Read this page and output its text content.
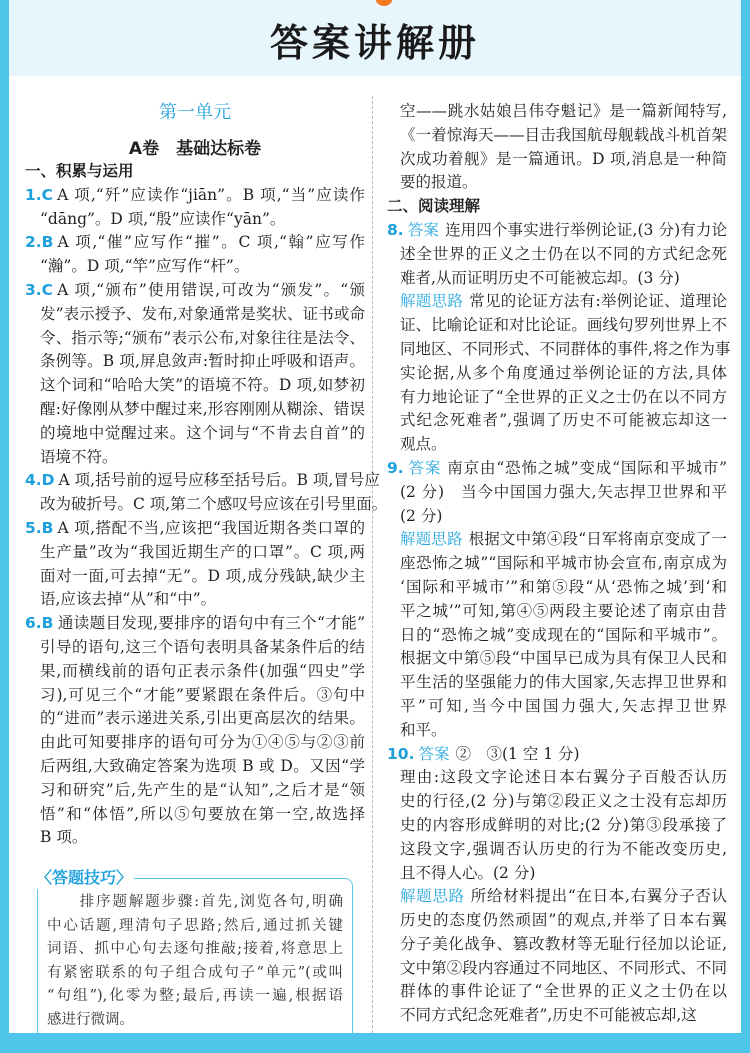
答案讲解册
第一单元
A卷　基础达标卷
一、积累与运用
1.C A 项,“歼”应读作“jiān”。B 项,“当”应读作
“dāng”。D 项,“殷”应读作“yān”。
2.B A 项,“催”应写作“摧”。C 项,“翰”应写作
“瀚”。D 项,“竿”应写作“杆”。
3.C A 项,“颁布”使用错误,可改为“颁发”。“颁
发”表示授予、发布,对象通常是奖状、证书或命
令、指示等;“颁布”表示公布,对象往往是法令、
条例等。B 项,屏息敛声:暂时抑止呼吸和语声。
这个词和“哈哈大笑”的语境不符。D 项,如梦初
醒:好像刚从梦中醒过来,形容刚刚从糊涂、错误
的境地中觉醒过来。这个词与“不肯去自首”的
语境不符。
4.D A 项,括号前的逗号应移至括号后。B 项,冒号应
改为破折号。C 项,第二个感叹号应该在引号里面。
5.B A 项,搭配不当,应该把“我国近期各类口罩的
生产量”改为“我国近期生产的口罩”。C 项,两
面对一面,可去掉“无”。D 项,成分残缺,缺少主
语,应该去掉“从”和“中”。
6.B 通读题目发现,要排序的语句中有三个“才能”
引导的语句,这三个语句表明具备某条件后的结
果,而横线前的语句正表示条件(加强“四史”学
习),可见三个“才能”要紧跟在条件后。③句中
的“进而”表示递进关系,引出更高层次的结果。
由此可知要排序的语句可分为①④⑤与②③前
后两组,大致确定答案为选项 B 或 D。又因“学
习和研究”后,先产生的是“认知”,之后才是“领
悟”和“体悟”,所以⑤句要放在第一空,故选择
B 项。
〈答题技巧〉
　　排序题解题步骤:首先,浏览各句,明确
中心话题,理清句子思路;然后,通过抓关键
词语、抓中心句去逐句推敲;接着,将意思上
有紧密联系的句子组合成句子“单元”(或叫
“句组”),化零为整;最后,再读一遍,根据语
感进行微调。
空——跳水姑娘吕伟夺魁记》是一篇新闻特写,
《一着惊海天——目击我国航母舰载战斗机首架
次成功着舰》是一篇通讯。D 项,消息是一种简
要的报道。
二、阅读理解
8. 答案 连用四个事实进行举例论证,(3 分)有力论
述全世界的正义之士仍在以不同的方式纪念死
难者,从而证明历史不可能被忘却。(3 分)
解题思路 常见的论证方法有:举例论证、道理论
证、比喻论证和对比论证。画线句罗列世界上不
同地区、不同形式、不同群体的事件,将之作为事
实论据,从多个角度通过举例论证的方法,具体
有力地论证了“全世界的正义之士仍在以不同方
式纪念死难者”,强调了历史不可能被忘却这一
观点。
9. 答案 南京由“恐怖之城”变成“国际和平城市”
(2 分)　当今中国国力强大,矢志捍卫世界和平
(2 分)
解题思路 根据文中第④段“日军将南京变成了一
座恐怖之城”“国际和平城市协会宣布,南京成为
‘国际和平城市’”和第⑤段“从‘恐怖之城’到‘和
平之城’”可知,第④⑤两段主要论述了南京由昔
日的“恐怖之城”变成现在的“国际和平城市”。
根据文中第⑤段“中国早已成为具有保卫人民和
平生活的坚强能力的伟大国家,矢志捍卫世界和
平”可知,当今中国国力强大,矢志捍卫世界
和平。
10. 答案 ②　③(1 空 1 分)
理由:这段文字论述日本右翼分子百般否认历
史的行径,(2 分)与第②段正义之士没有忘却历
史的内容形成鲜明的对比;(2 分)第③段承接了
这段文字,强调否认历史的行为不能改变历史,
且不得人心。(2 分)
解题思路 所给材料提出“在日本,右翼分子否认
历史的态度仍然顽固”的观点,并举了日本右翼
分子美化战争、篡改教材等无耻行径加以论证,
文中第②段内容通过不同地区、不同形式、不同
群体的事件论证了“全世界的正义之士仍在以
不同方式纪念死难者”,历史不可能被忘却,这
